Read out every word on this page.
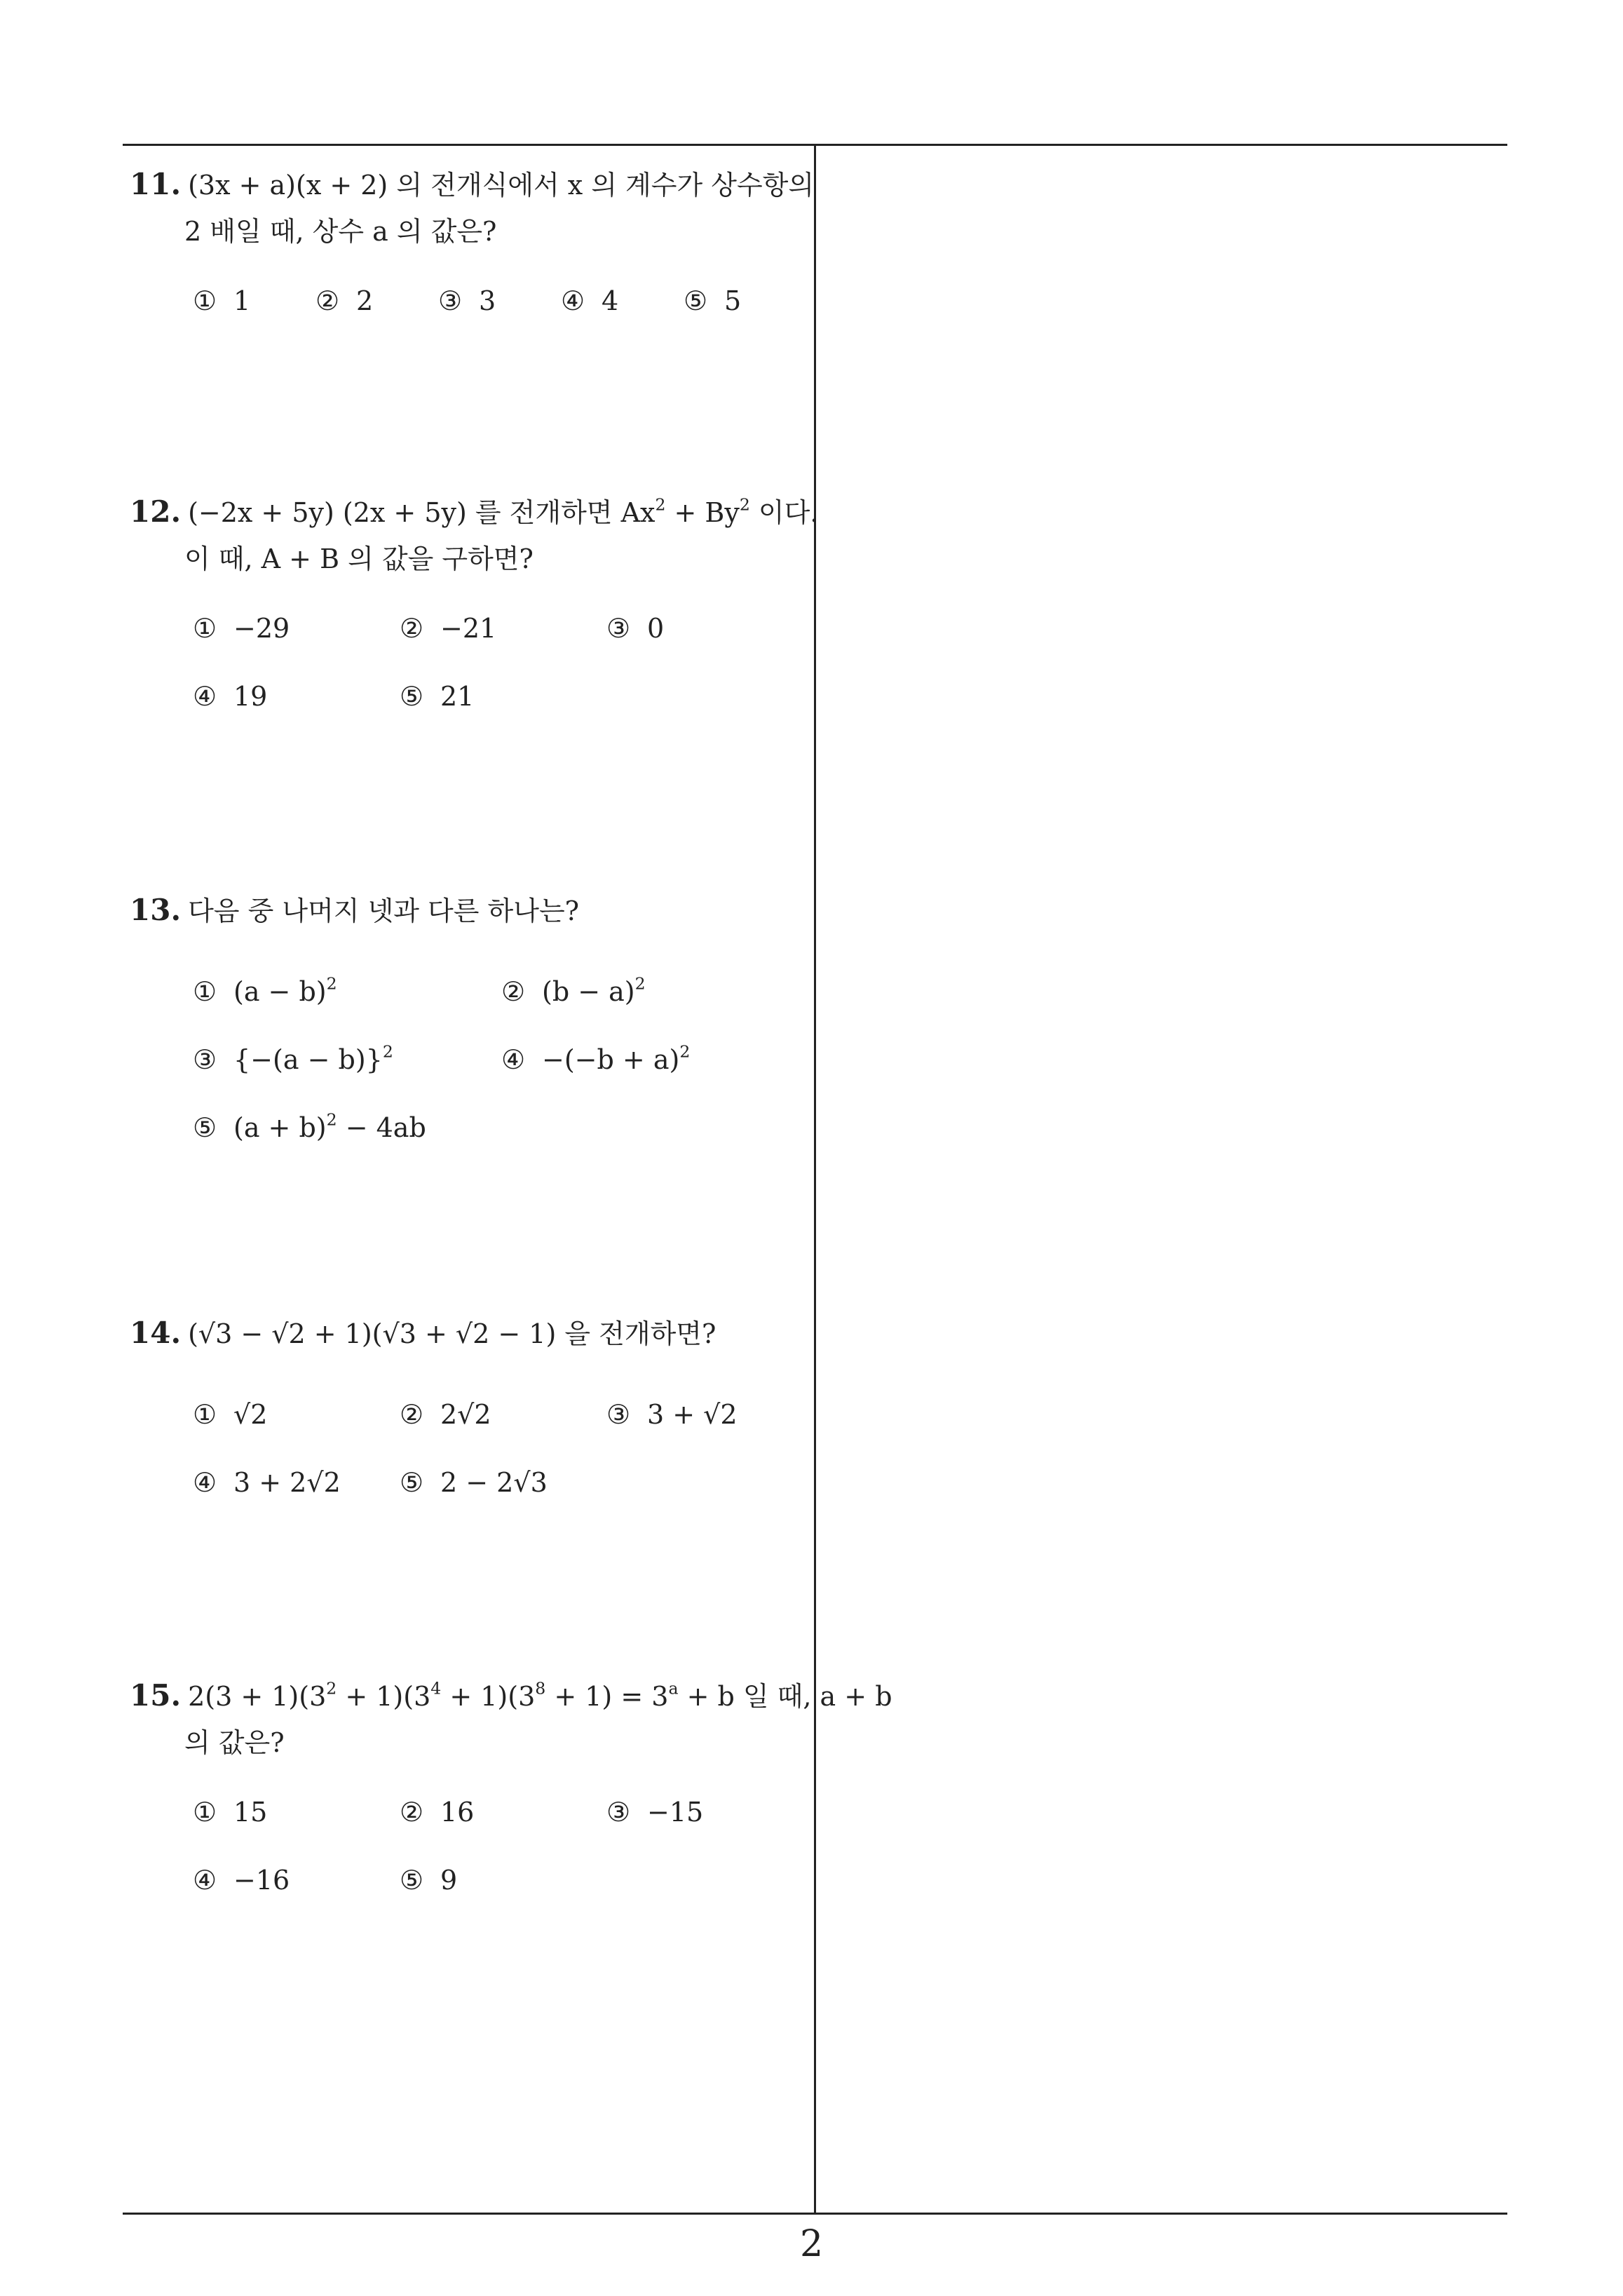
11. (3x + a)(x + 2) 의 전개식에서 x 의 계수가 상수항의
2 배일 때, 상수 a 의 값은?
① 1 ② 2 ③ 3 ④ 4 ⑤ 5
12. (−2x + 5y) (2x + 5y) 를 전개하면 $Ax^2 + By^2$ 이다.
이 때, A + B 의 값을 구하면?
① −29	② −21	③ 0
④ 19	⑤ 21
13. 다음 중 나머지 넷과 다른 하나는?
① $(a - b)^2$	② $(b - a)^2$
③ $\{-(a - b)\}^2$	④ $-(-b + a)^2$
⑤ $(a + b)^2 - 4ab$
14. (√3 − √2 + 1)(√3 + √2 − 1) 을 전개하면?
① √2	② 2√2	③ 3 + √2
④ 3 + 2√2 ⑤ 2 − 2√3
15. $2(3 + 1)(3^2 + 1)(3^4 + 1)(3^8 + 1) = 3^a + b$ 일 때, a + b
의 값은?
① 15	② 16	③ −15
④ −16	⑤ 9
2
